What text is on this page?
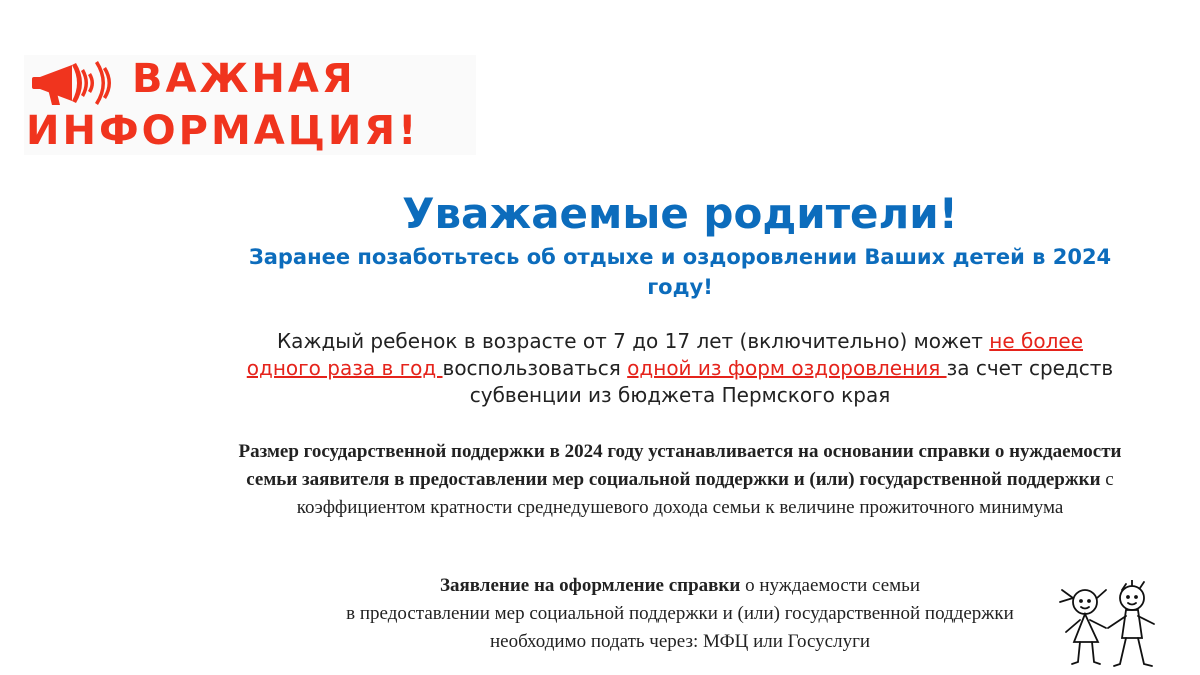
ВАЖНАЯ
ИНФОРМАЦИЯ!
Уважаемые родители!
Заранее позаботьтесь об отдыхе и оздоровлении Ваших детей в 2024 году!
Каждый ребенок в возрасте от 7 до 17 лет (включительно) может не более одного раза в год воспользоваться одной из форм оздоровления за счет средств субвенции из бюджета Пермского края
Размер государственной поддержки в 2024 году устанавливается на основании справки о нуждаемости семьи заявителя в предоставлении мер социальной поддержки и (или) государственной поддержки с коэффициентом кратности среднедушевого дохода семьи к величине прожиточного минимума
Заявление на оформление справки о нуждаемости семьи
в предоставлении мер социальной поддержки и (или) государственной поддержки
необходимо подать через: МФЦ или Госуслуги
